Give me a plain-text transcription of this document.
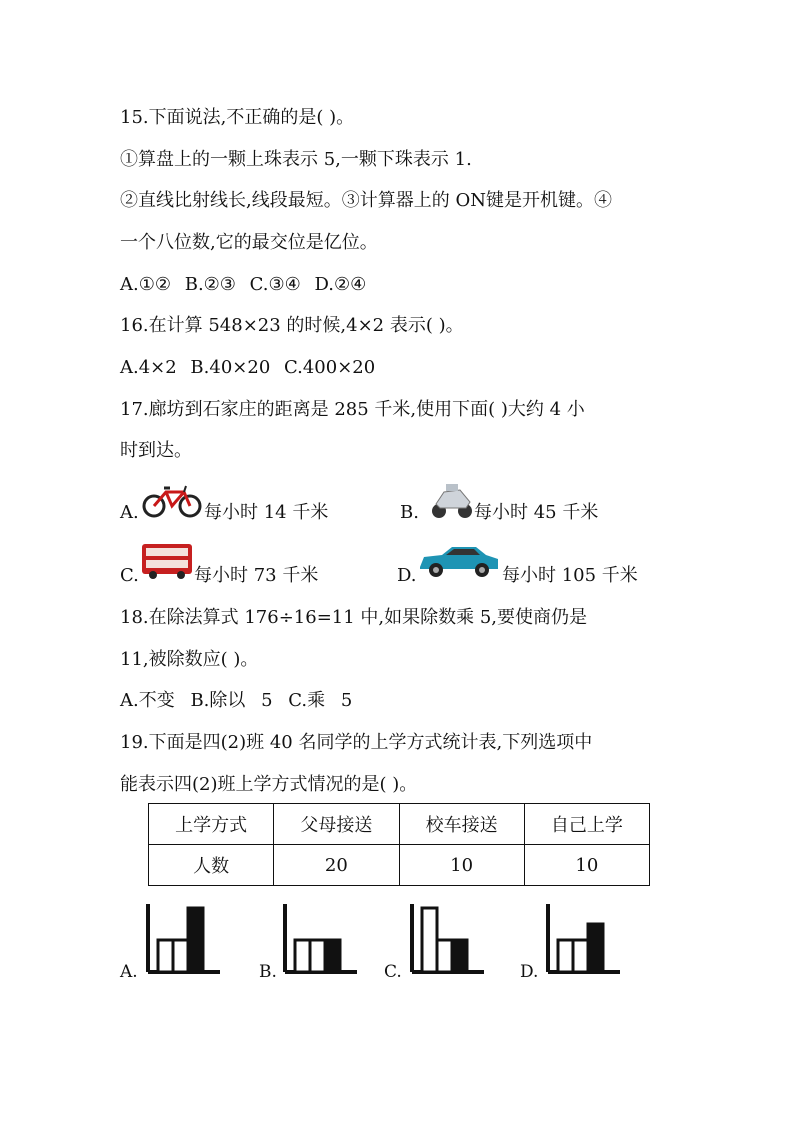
15.下面说法,不正确的是( )。
①算盘上的一颗上珠表示 5,一颗下珠表示 1.
②直线比射线长,线段最短。③计算器上的 ON键是开机键。④
一个八位数,它的最交位是亿位。
A.①② B.②③ C.③④ D.②④
16.在计算 548×23 的时候,4×2 表示( )。
A.4×2 B.40×20 C.400×20
17.廊坊到石家庄的距离是 285 千米,使用下面( )大约 4 小
时到达。
A.	每小时 14 千米	B.	每小时 45 千米
C.	每小时 73 千米	D.	每小时 105 千米
18.在除法算式 176÷16=11 中,如果除数乘 5,要使商仍是
11,被除数应( )。
A.不变 B.除以 5 C.乘 5
19.下面是四(2)班 40 名同学的上学方式统计表,下列选项中
能表示四(2)班上学方式情况的是( )。
上学方式	父母接送	校车接送	自己上学
人数	20	10	10
A.	B.	C.	D.
